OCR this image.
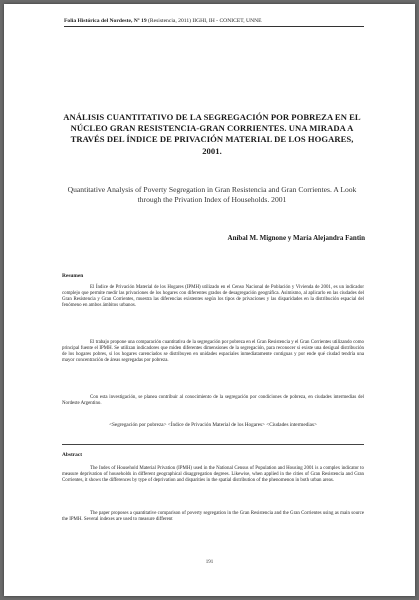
Folia Histórica del Nordeste, Nº 19 (Resistencia, 2011) IIGHI, IH - CONICET, UNNE
ANÁLISIS CUANTITATIVO DE LA SEGREGACIÓN POR POBREZA EN EL NÚCLEO GRAN RESISTENCIA-GRAN CORRIENTES. UNA MIRADA A TRAVÉS DEL ÍNDICE DE PRIVACIÓN MATERIAL DE LOS HOGARES, 2001.
Quantitative Analysis of Poverty Segregation in Gran Resistencia and Gran Corrientes. A Look through the Privation Index of Households. 2001
Aníbal M. Mignone y María Alejandra Fantin
Resumen
El Índice de Privación Material de los Hogares (IPMH) utilizado en el Censo Nacional de Población y Vivienda de 2001, es un indicador complejo que permite medir las privaciones de los hogares con diferentes grados de desagregación geográfica. Asimismo, al aplicarlo en las ciudades del Gran Resistencia y Gran Corrientes, muestra las diferencias existentes según los tipos de privaciones y las disparidades en la distribución espacial del fenómeno en ambos ámbitos urbanos.
El trabajo propone una comparación cuantitativa de la segregación por pobreza en el Gran Resistencia y el Gran Corrientes utilizando como principal fuente el IPMH. Se utilizan indicadores que miden diferentes dimensiones de la segregación, para reconocer si existe una desigual distribución de los hogares pobres, si los hogares carenciados se distribuyen en unidades espaciales inmediatamente contiguas y por ende qué ciudad tendría una mayor concentración de áreas segregadas por pobreza.
Con esta investigación, se planea contribuir al conocimiento de la segregación por condiciones de pobreza, en ciudades intermedias del Nordeste Argentino.
<Segregación por pobreza> <Índice de Privación Material de los Hogares> <Ciudades intermedias>
Abstract
The Index of Household Material Privation (IPMH) used in the National Census of Population and Housing 2001 is a complex indicator to measure deprivation of households in different geographical disaggregation degrees. Likewise, when applied in the cities of Gran Resistencia and Gran Corrientes, it shows the differences by type of deprivation and disparities in the spatial distribution of the phenomenon in both urban areas.
The paper proposes a quantitative comparison of poverty segregation in the Gran Resistencia and the Gran Corrientes using as main source the IPMH. Several indexes are used to measure different
191
